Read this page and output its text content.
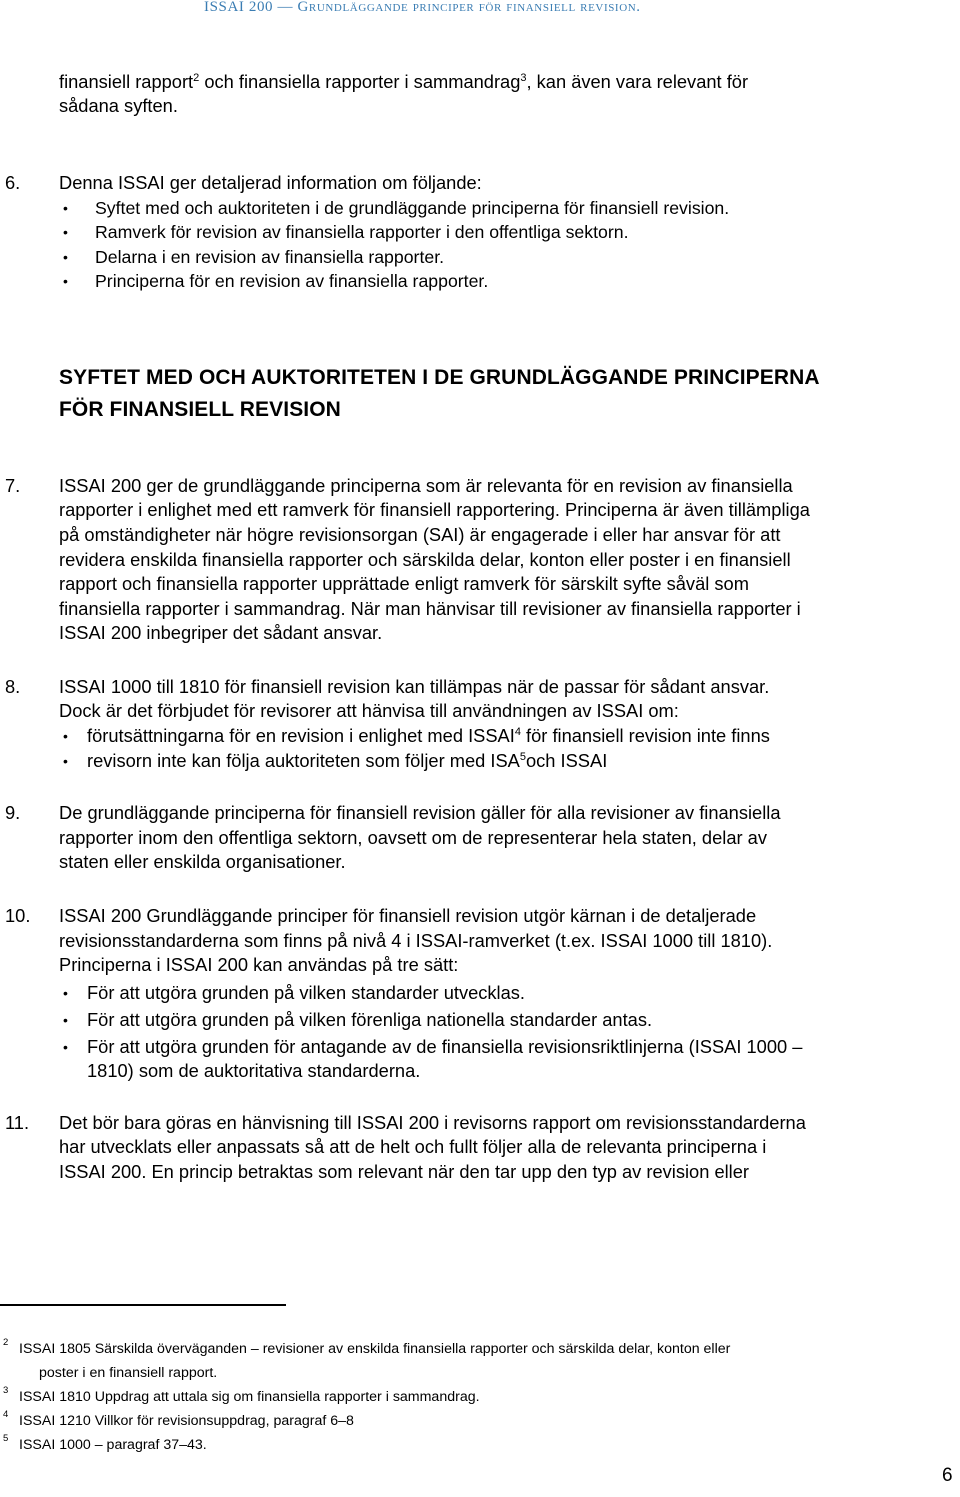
ISSAI 200 — Grundläggande principer för finansiell revision.
finansiell rapport$^2$ och finansiella rapporter i sammandrag$^3$, kan även vara relevant för
sådana syften.
6. Denna ISSAI ger detaljerad information om följande:
• Syftet med och auktoriteten i de grundläggande principerna för finansiell revision.
• Ramverk för revision av finansiella rapporter i den offentliga sektorn.
• Delarna i en revision av finansiella rapporter.
• Principerna för en revision av finansiella rapporter.
SYFTET MED OCH AUKTORITETEN I DE GRUNDLÄGGANDE PRINCIPERNA
FÖR FINANSIELL REVISION
7. ISSAI 200 ger de grundläggande principerna som är relevanta för en revision av finansiella
rapporter i enlighet med ett ramverk för finansiell rapportering. Principerna är även tillämpliga
på omständigheter när högre revisionsorgan (SAI) är engagerade i eller har ansvar för att
revidera enskilda finansiella rapporter och särskilda delar, konton eller poster i en finansiell
rapport och finansiella rapporter upprättade enligt ramverk för särskilt syfte såväl som
finansiella rapporter i sammandrag. När man hänvisar till revisioner av finansiella rapporter i
ISSAI 200 inbegriper det sådant ansvar.
8. ISSAI 1000 till 1810 för finansiell revision kan tillämpas när de passar för sådant ansvar.
Dock är det förbjudet för revisorer att hänvisa till användningen av ISSAI om:
• förutsättningarna för en revision i enlighet med ISSAI$^4$ för finansiell revision inte finns
• revisorn inte kan följa auktoriteten som följer med ISA$^5$och ISSAI
9. De grundläggande principerna för finansiell revision gäller för alla revisioner av finansiella
rapporter inom den offentliga sektorn, oavsett om de representerar hela staten, delar av
staten eller enskilda organisationer.
10. ISSAI 200 Grundläggande principer för finansiell revision utgör kärnan i de detaljerade
revisionsstandarderna som finns på nivå 4 i ISSAI-ramverket (t.ex. ISSAI 1000 till 1810).
Principerna i ISSAI 200 kan användas på tre sätt:
• För att utgöra grunden på vilken standarder utvecklas.
• För att utgöra grunden på vilken förenliga nationella standarder antas.
• För att utgöra grunden för antagande av de finansiella revisionsriktlinjerna (ISSAI 1000 –
1810) som de auktoritativa standarderna.
11. Det bör bara göras en hänvisning till ISSAI 200 i revisorns rapport om revisionsstandarderna
har utvecklats eller anpassats så att de helt och fullt följer alla de relevanta principerna i
ISSAI 200. En princip betraktas som relevant när den tar upp den typ av revision eller
2 ISSAI 1805 Särskilda överväganden – revisioner av enskilda finansiella rapporter och särskilda delar, konton eller
poster i en finansiell rapport.
3 ISSAI 1810 Uppdrag att uttala sig om finansiella rapporter i sammandrag.
4 ISSAI 1210 Villkor för revisionsuppdrag, paragraf 6–8
5 ISSAI 1000 – paragraf 37–43.
6
